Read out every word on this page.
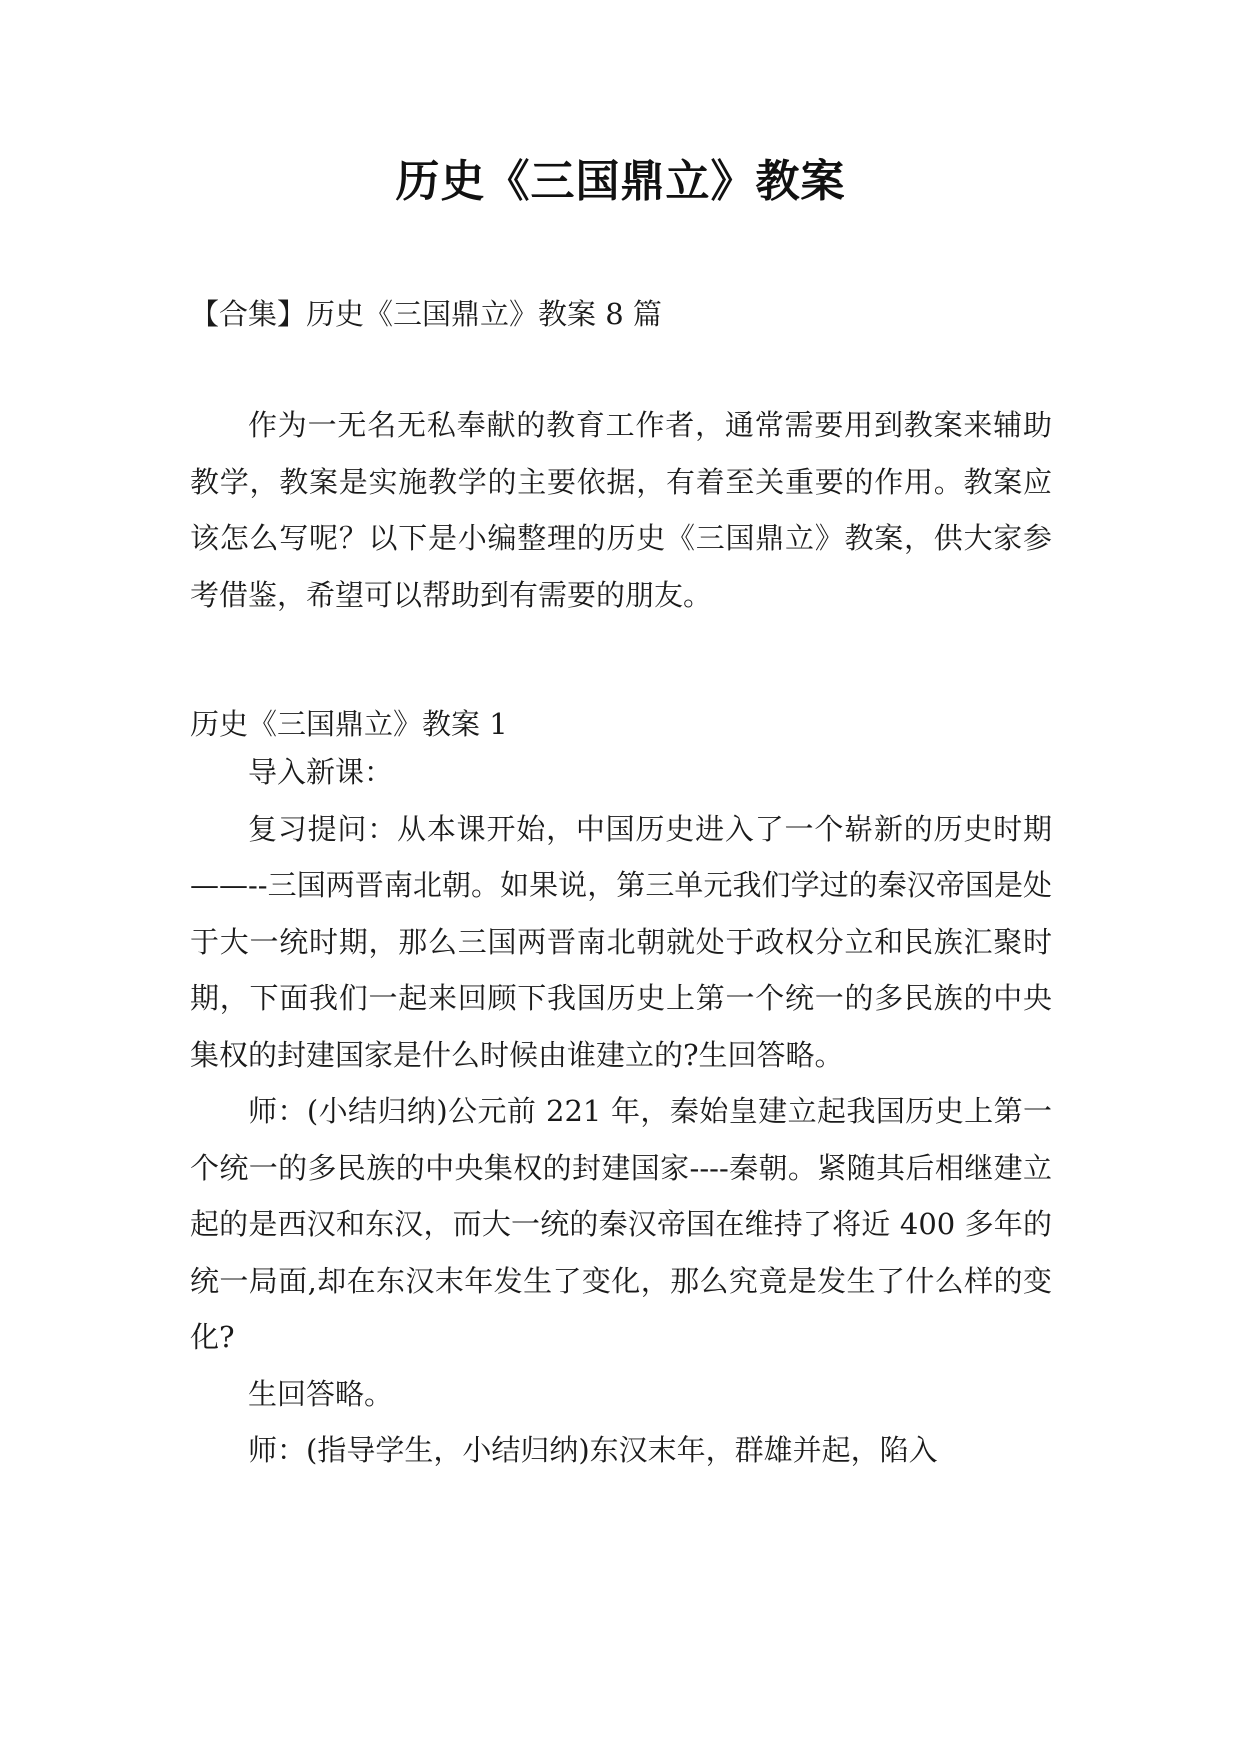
历史《三国鼎立》教案
【合集】历史《三国鼎立》教案 8 篇

作为一无名无私奉献的教育工作者，通常需要用到教案来辅助教学，教案是实施教学的主要依据，有着至关重要的作用。教案应该怎么写呢？以下是小编整理的历史《三国鼎立》教案，供大家参考借鉴，希望可以帮助到有需要的朋友。

历史《三国鼎立》教案 1

导入新课：

复习提问：从本课开始，中国历史进入了一个崭新的历史时期——--三国两晋南北朝。如果说，第三单元我们学过的秦汉帝国是处于大一统时期，那么三国两晋南北朝就处于政权分立和民族汇聚时期，下面我们一起来回顾下我国历史上第一个统一的多民族的中央集权的封建国家是什么时候由谁建立的?生回答略。

师：(小结归纳)公元前 221 年，秦始皇建立起我国历史上第一个统一的多民族的中央集权的封建国家----秦朝。紧随其后相继建立起的是西汉和东汉，而大一统的秦汉帝国在维持了将近 400 多年的统一局面,却在东汉末年发生了变化，那么究竟是发生了什么样的变化?

生回答略。

师：(指导学生，小结归纳)东汉末年，群雄并起，陷入
